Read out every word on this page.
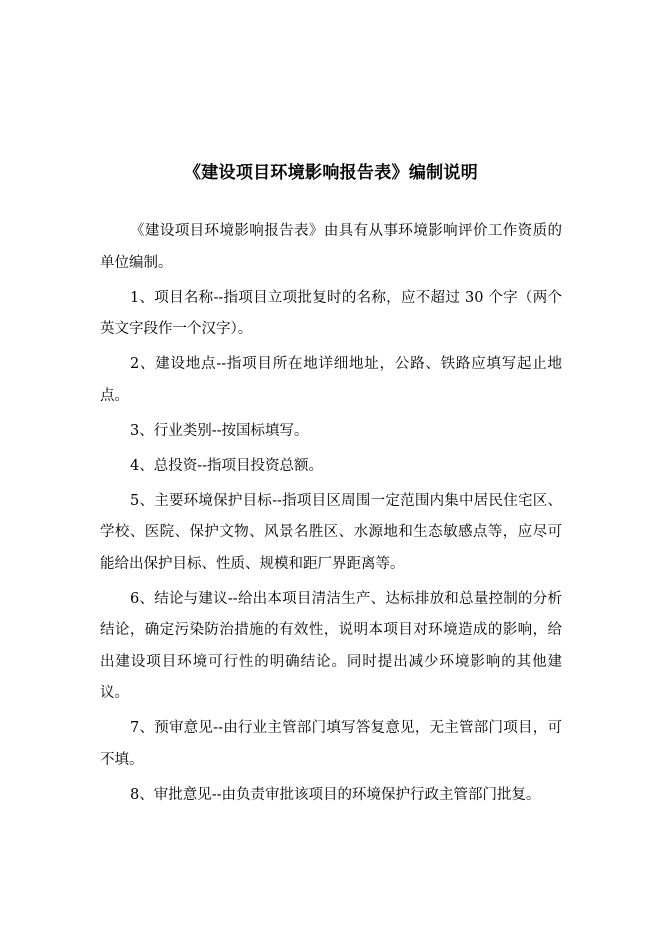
《建设项目环境影响报告表》编制说明

《建设项目环境影响报告表》由具有从事环境影响评价工作资质的单位编制。

1、项目名称--指项目立项批复时的名称，应不超过 30 个字（两个英文字段作一个汉字）。

2、建设地点--指项目所在地详细地址，公路、铁路应填写起止地点。

3、行业类别--按国标填写。

4、总投资--指项目投资总额。

5、主要环境保护目标--指项目区周围一定范围内集中居民住宅区、学校、医院、保护文物、风景名胜区、水源地和生态敏感点等，应尽可能给出保护目标、性质、规模和距厂界距离等。

6、结论与建议--给出本项目清洁生产、达标排放和总量控制的分析结论，确定污染防治措施的有效性，说明本项目对环境造成的影响，给出建设项目环境可行性的明确结论。同时提出减少环境影响的其他建议。

7、预审意见--由行业主管部门填写答复意见，无主管部门项目，可不填。

8、审批意见--由负责审批该项目的环境保护行政主管部门批复。
